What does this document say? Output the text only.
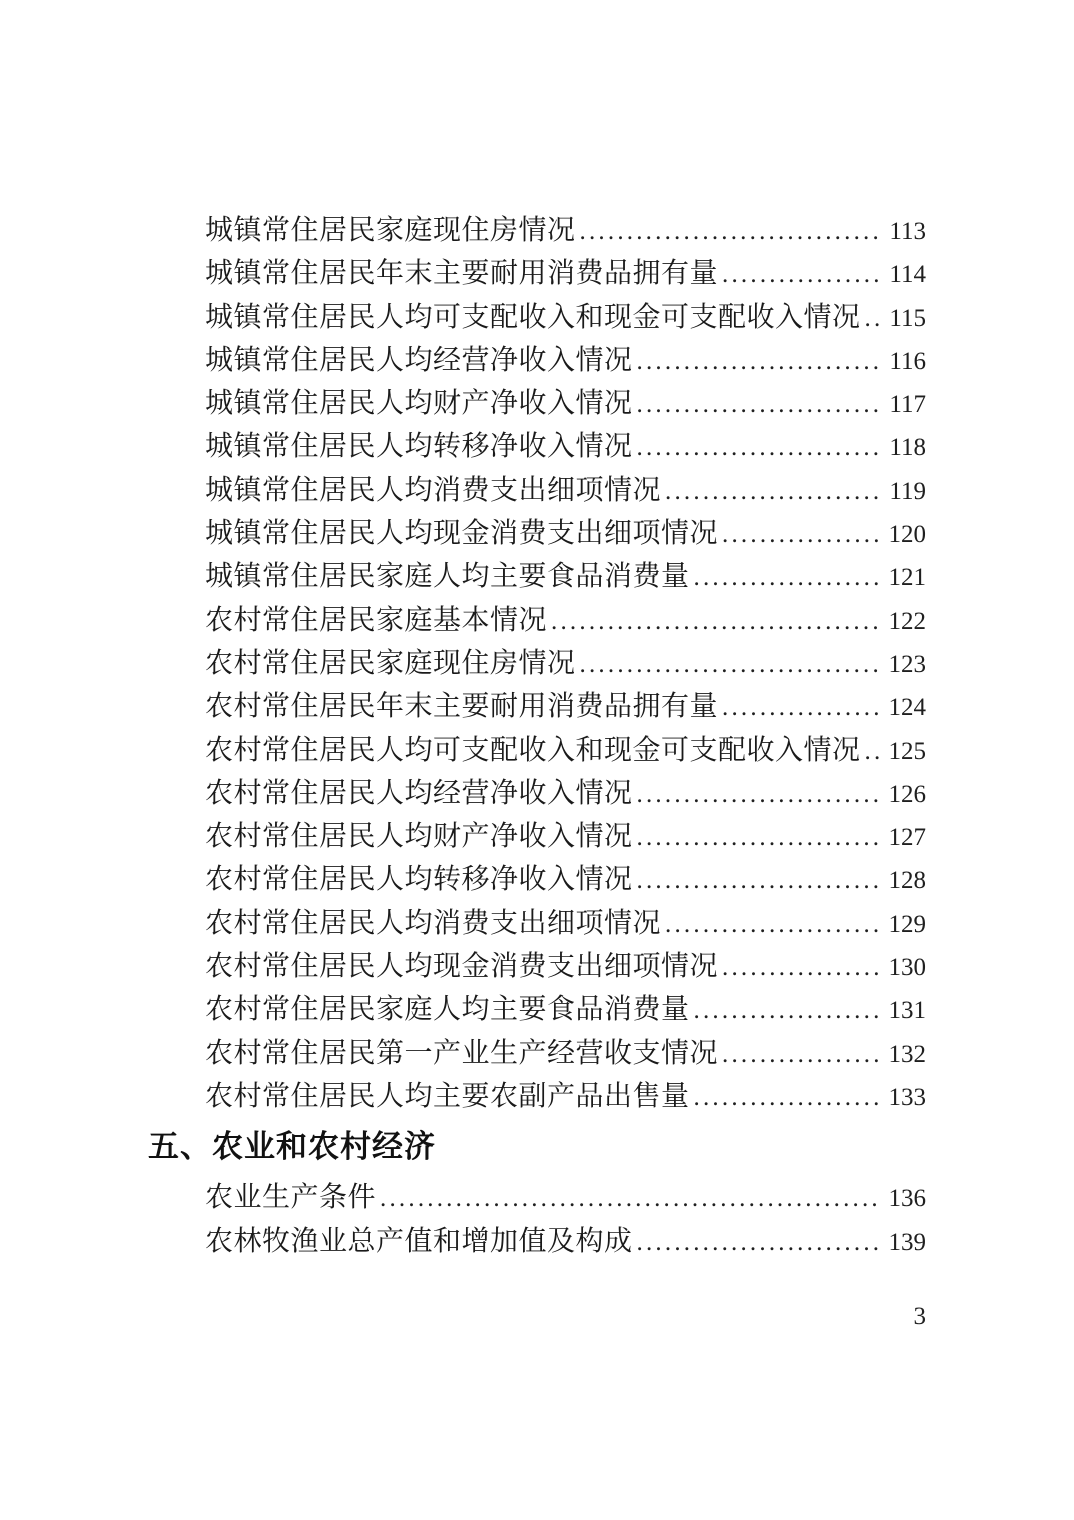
城镇常住居民家庭现住房情况 .....	113
城镇常住居民年末主要耐用消费品拥有量 .....	114
城镇常住居民人均可支配收入和现金可支配收入情况 ..... 115
城镇常住居民人均经营净收入情况 .....	116
城镇常住居民人均财产净收入情况 .....	117
城镇常住居民人均转移净收入情况 .....	118
城镇常住居民人均消费支出细项情况 .....	119
城镇常住居民人均现金消费支出细项情况 .....	120
城镇常住居民家庭人均主要食品消费量 .....	121
农村常住居民家庭基本情况 .....	122
农村常住居民家庭现住房情况 .....	123
农村常住居民年末主要耐用消费品拥有量 .....	124
农村常住居民人均可支配收入和现金可支配收入情况 ..... 125
农村常住居民人均经营净收入情况 .....	126
农村常住居民人均财产净收入情况 .....	127
农村常住居民人均转移净收入情况 .....	128
农村常住居民人均消费支出细项情况 .....	129
农村常住居民人均现金消费支出细项情况 .....	130
农村常住居民家庭人均主要食品消费量 .....	131
农村常住居民第一产业生产经营收支情况 .....	132
农村常住居民人均主要农副产品出售量 .....	133
五、农业和农村经济
农业生产条件 .....	136
农林牧渔业总产值和增加值及构成 .....	139
3
